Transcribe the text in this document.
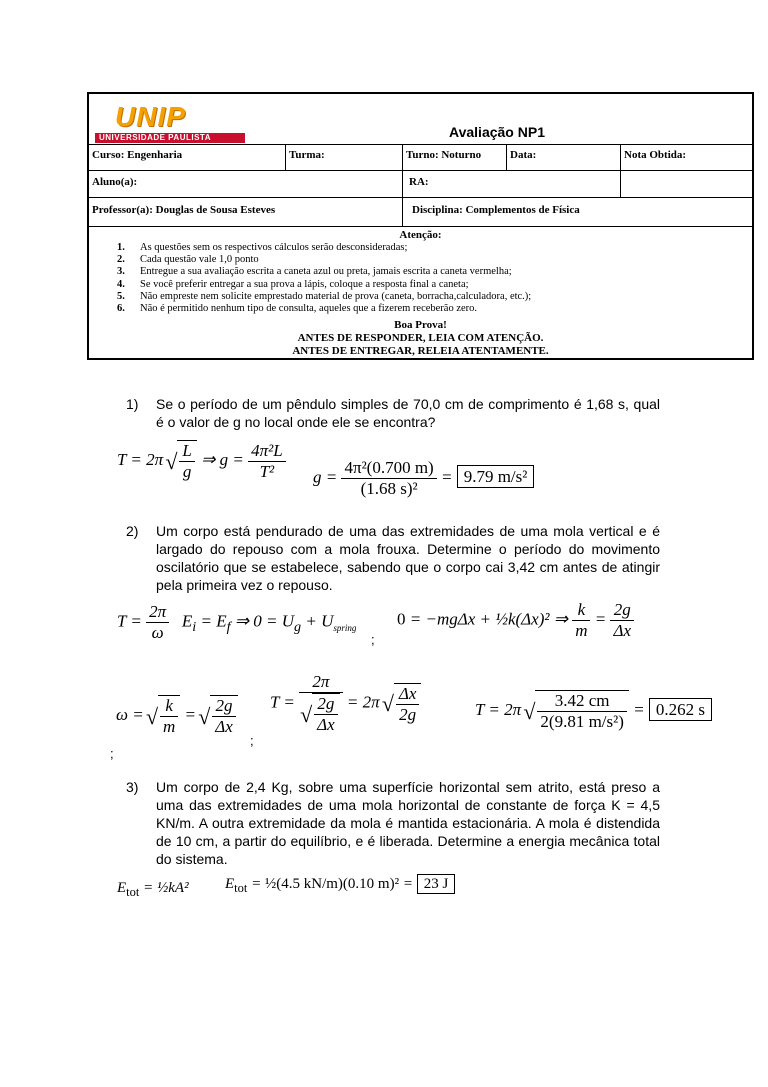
UNIP
UNIVERSIDADE PAULISTA	Avaliação NP1
Curso: Engenharia	Turma:	Turno: Noturno	Data:	Nota Obtida:
Aluno(a):	RA:
Professor(a): Douglas de Sousa Esteves	Disciplina: Complementos de Física
Atenção:
1. As questões sem os respectivos cálculos serão desconsideradas;
2. Cada questão vale 1,0 ponto
3. Entregue a sua avaliação escrita a caneta azul ou preta, jamais escrita a caneta vermelha;
4. Se você preferir entregar a sua prova a lápis, coloque a resposta final a caneta;
5. Não empreste nem solicite emprestado material de prova (caneta, borracha,calculadora, etc.);
6. Não é permitido nenhum tipo de consulta, aqueles que a fizerem receberão zero.
Boa Prova!
ANTES DE RESPONDER, LEIA COM ATENÇÃO.
ANTES DE ENTREGAR, RELEIA ATENTAMENTE.
1)	Se o período de um pêndulo simples de 70,0 cm de comprimento é 1,68 s, qual é o valor de g no local onde ele se encontra?
T = 2π √ $\frac{L}{g}$ ⇒ $g = \frac{\text{4π²L}}{\text{T²}}$ $g = \frac{\text{4π²(0.700 m)}}{\text{(1.68 s)²}} = 9.79$ m/s²
2)	Um corpo está pendurado de uma das extremidades de uma mola vertical e é largado do repouso com a mola frouxa. Determine o período do movimento oscilatório que se estabelece, sabendo que o corpo cai 3,42 cm antes de atingir pela primeira vez o repouso.
$T = \frac{2\pi}{\omega} E_i = E_f$ ⇒ $0 = U_g + U_{spring}$ 0 = −mgΔx + ½k(Δx)² ⇒ $\frac{k}{m} = \frac{2g}{\Delta x}$
;
ω = √ $\frac{k}{m}$ = √ $\frac{2g}{\Delta x}$ T = 2π
√ $\frac{2g}{\Delta x} = 2\pi$ √ $\frac{\Delta x}{2g}$	T = 2π √ $\frac{3.42 cm}{\text{2(9.81 m/s²)}} = 0.262$ s
;
;
3)	Um corpo de 2,4 Kg, sobre uma superfície horizontal sem atrito, está preso a uma das extremidades de uma mola horizontal de constante de força K = 4,5 KN/m. A outra extremidade da mola é mantida estacionária. A mola é distendida de 10 cm, a partir do equilíbrio, e é liberada. Determine a energia mecânica total do sistema.
$E_{tot}$ = ½kA² $E_{tot}$ = ½(4.5 kN/m)(0.10 m)² = 23 J
